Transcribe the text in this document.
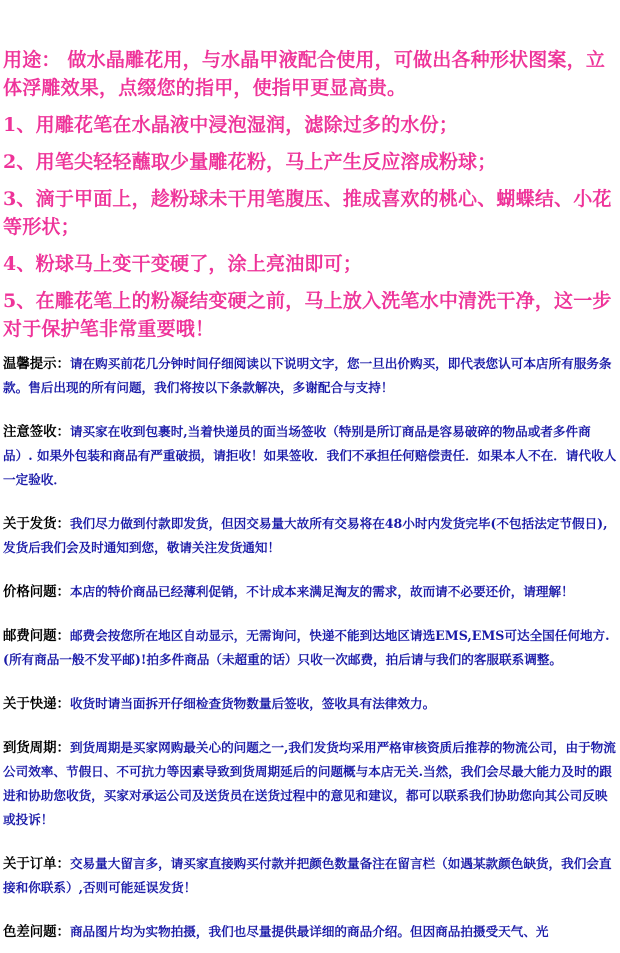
用途： 做水晶雕花用，与水晶甲液配合使用，可做出各种形状图案，立体浮雕效果，点缀您的指甲，使指甲更显高贵。

1、用雕花笔在水晶液中浸泡湿润，滤除过多的水份；

2、用笔尖轻轻蘸取少量雕花粉，马上产生反应溶成粉球；

3、滴于甲面上，趁粉球未干用笔腹压、推成喜欢的桃心、蝴蝶结、小花等形状；

4、粉球马上变干变硬了，涂上亮油即可；

5、在雕花笔上的粉凝结变硬之前，马上放入洗笔水中清洗干净，这一步对于保护笔非常重要哦！

温馨提示：请在购买前花几分钟时间仔细阅读以下说明文字，您一旦出价购买，即代表您认可本店所有服务条款。售后出现的所有问题，我们将按以下条款解决，多谢配合与支持！

注意签收：请买家在收到包裹时,当着快递员的面当场签收（特别是所订商品是容易破碎的物品或者多件商品）. 如果外包装和商品有严重破损，请拒收！如果签收．我们不承担任何赔偿责任．如果本人不在．请代收人一定验收．

关于发货：我们尽力做到付款即发货，但因交易量大故所有交易将在48小时内发货完毕(不包括法定节假日),发货后我们会及时通知到您，敬请关注发货通知！

价格问题：本店的特价商品已经薄利促销，不计成本来满足淘友的需求，故而请不必要还价，请理解！

邮费问题：邮费会按您所在地区自动显示，无需询问，快递不能到达地区请选EMS,EMS可达全国任何地方.(所有商品一般不发平邮)!拍多件商品（未超重的话）只收一次邮费，拍后请与我们的客服联系调整。

关于快递：收货时请当面拆开仔细检查货物数量后签收，签收具有法律效力。

到货周期：到货周期是买家网购最关心的问题之一,我们发货均采用严格审核资质后推荐的物流公司，由于物流公司效率、节假日、不可抗力等因素导致到货周期延后的问题概与本店无关.当然，我们会尽最大能力及时的跟进和协助您收货，买家对承运公司及送货员在送货过程中的意见和建议，都可以联系我们协助您向其公司反映或投诉！

关于订单：交易量大留言多，请买家直接购买付款并把颜色数量备注在留言栏（如遇某款颜色缺货，我们会直接和你联系）,否则可能延误发货！

色差问题：商品图片均为实物拍摄，我们也尽量提供最详细的商品介绍。但因商品拍摄受天气、光
